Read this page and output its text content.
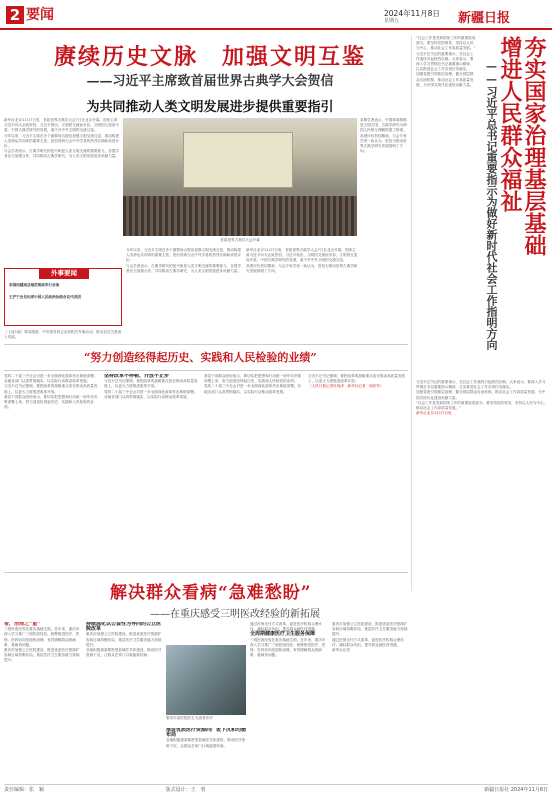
2 要闻	2024年11月8日
星期五	新疆日报
赓续历史文脉　加强文明互鉴
——习近平主席致首届世界古典学大会贺信
为共同推动人类文明发展进步提供重要指引

新华社北京11月7日电　首届世界古典学大会7日在北京开幕。国家主席习近平向大会致贺信。习近平指出，文明因交流而多彩，文明因互鉴而丰富。中国古典学研究的发展，离不开中外文明的交流互鉴。

今年以来，习近平主席在多个重要场合提出加强文明交流互鉴、推动构建人类命运共同体的重要主张。贺信得到与会中外学者的热烈反响和高度评价。

与会学者表示，古典学研究的复兴彰显人类文明交流的重要意义。各国学者应当加强合作，共同推动古典学研究，为人类文明发展进步贡献力量。

首届世界古典学大会开幕

希腊学者表示，中国和希腊都是文明古国，古典学研究为两国人民相互理解搭建了桥梁。

高度评价贺信精神，与会专家学者一致认为，贺信为推动世界古典学研究发展指明了方向。

今年以来，习近平主席在多个重要场合提出加强文明交流互鉴、推动构建人类命运共同体的重要主张。贺信得到与会中外学者的热烈反响和高度评价。

与会学者表示，古典学研究的复兴彰显人类文明交流的重要意义。各国学者应当加强合作，共同推动古典学研究，为人类文明发展进步贡献力量。

新华社北京11月7日电　首届世界古典学大会7日在北京开幕。国家主席习近平向大会致贺信。习近平指出，文明因交流而多彩，文明因互鉴而丰富。中国古典学研究的发展，离不开中外文明的交流互鉴。

高度评价贺信精神，与会专家学者一致认为，贺信为推动世界古典学研究发展指明了方向。

外事要闻
李强同越南总理范明政举行会谈
王沪宁会见出席中国人民政治协商会议代表团
（上接1版）要闻报道：中央领导同志出席相关外事活动，推动双边关系深入发展。
“努力创造经得起历史、实践和人民检验的业绩”

党的二十届三中全会对进一步全面深化改革作出系统部署。各地各部门认真贯彻落实，以实际行动推动改革发展。

习近平总书记强调，要把改革的战略重点放在推动高质量发展上，以更大力度推进改革开放。

基层干部群众纷纷表示，要切实把思想和行动统一到中央决策部署上来，努力创造经得起历史、实践和人民检验的业绩。

坚持改革不停顿、开放不止步

习近平总书记强调，要把改革的战略重点放在推动高质量发展上，以更大力度推进改革开放。

党的二十届三中全会对进一步全面深化改革作出系统部署。各地各部门认真贯彻落实，以实际行动推动改革发展。

基层干部群众纷纷表示，要切实把思想和行动统一到中央决策部署上来，努力创造经得起历史、实践和人民检验的业绩。

党的二十届三中全会对进一步全面深化改革作出系统部署。各地各部门认真贯彻落实，以实际行动推动改革发展。

习近平总书记强调，要把改革的战略重点放在推动高质量发展上，以更大力度推进改革开放。

（人民日报记者杜尚泽　新华社记者　杨依军）

解决群众看病“急难愁盼”
——在重庆感受三明医改经验的新拓展
看，治理之“重”

三明医改经验在重庆落地生根。近年来，重庆市深入学习推广三明医改经验，统筹推进医疗、医保、医药协同发展和治理，有效缓解群众看病难、看病贵问题。

重庆市加强公立医院建设，推进优质医疗资源扩容和区域均衡布局，基层医疗卫生服务能力持续提升。

持续深化以公益性为导向的公立医院改革

重庆市加强公立医院建设，推进优质医疗资源扩容和区域均衡布局，基层医疗卫生服务能力持续提升。

各地积极探索紧密型县域医共体建设，推动医疗资源下沉，让群众在家门口就能看好病。

重庆市某医院医生为患者诊疗
推进优质医疗资源向广袤下沉和均衡布局

各地积极探索紧密型县域医共体建设，推动医疗资源下沉，让群众在家门口就能看好病。

通过医保支付方式改革，促进医疗机构合理诊疗，减轻群众负担，提升群众就医获得感。

全周期健康医疗卫生服务保障

三明医改经验在重庆落地生根。近年来，重庆市深入学习推广三明医改经验，统筹推进医疗、医保、医药协同发展和治理，有效缓解群众看病难、看病贵问题。

重庆市加强公立医院建设，推进优质医疗资源扩容和区域均衡布局，基层医疗卫生服务能力持续提升。

通过医保支付方式改革，促进医疗机构合理诊疗，减轻群众负担，提升群众就医获得感。

新华社记者

夯实国家治理基层基础　增进人民群众福祉
——习近平总书记重要指示为做好新时代社会工作指明方向

“社会工作是党和国家工作的重要组成部分。要坚持党的领导，坚持以人民为中心，推动社会工作高质量发展。”

习近平总书记的重要指示，在社会工作战线引起热烈反响。大家表示，要深入学习贯彻总书记重要指示精神，扎实推进社会工作各项任务落实。

加强党建引领基层治理，健全基层群众自治机制，推动社会工作高质量发展，为中国式现代化建设贡献力量。

习近平总书记的重要指示，在社会工作战线引起热烈反响。大家表示，要深入学习贯彻总书记重要指示精神，扎实推进社会工作各项任务落实。

加强党建引领基层治理，健全基层群众自治机制，推动社会工作高质量发展，为中国式现代化建设贡献力量。

“社会工作是党和国家工作的重要组成部分。要坚持党的领导，坚持以人民为中心，推动社会工作高质量发展。”

新华社北京11月7日电

责任编辑：张　颖	版式设计：王　蓉	新疆日报社 2024年11月8日
